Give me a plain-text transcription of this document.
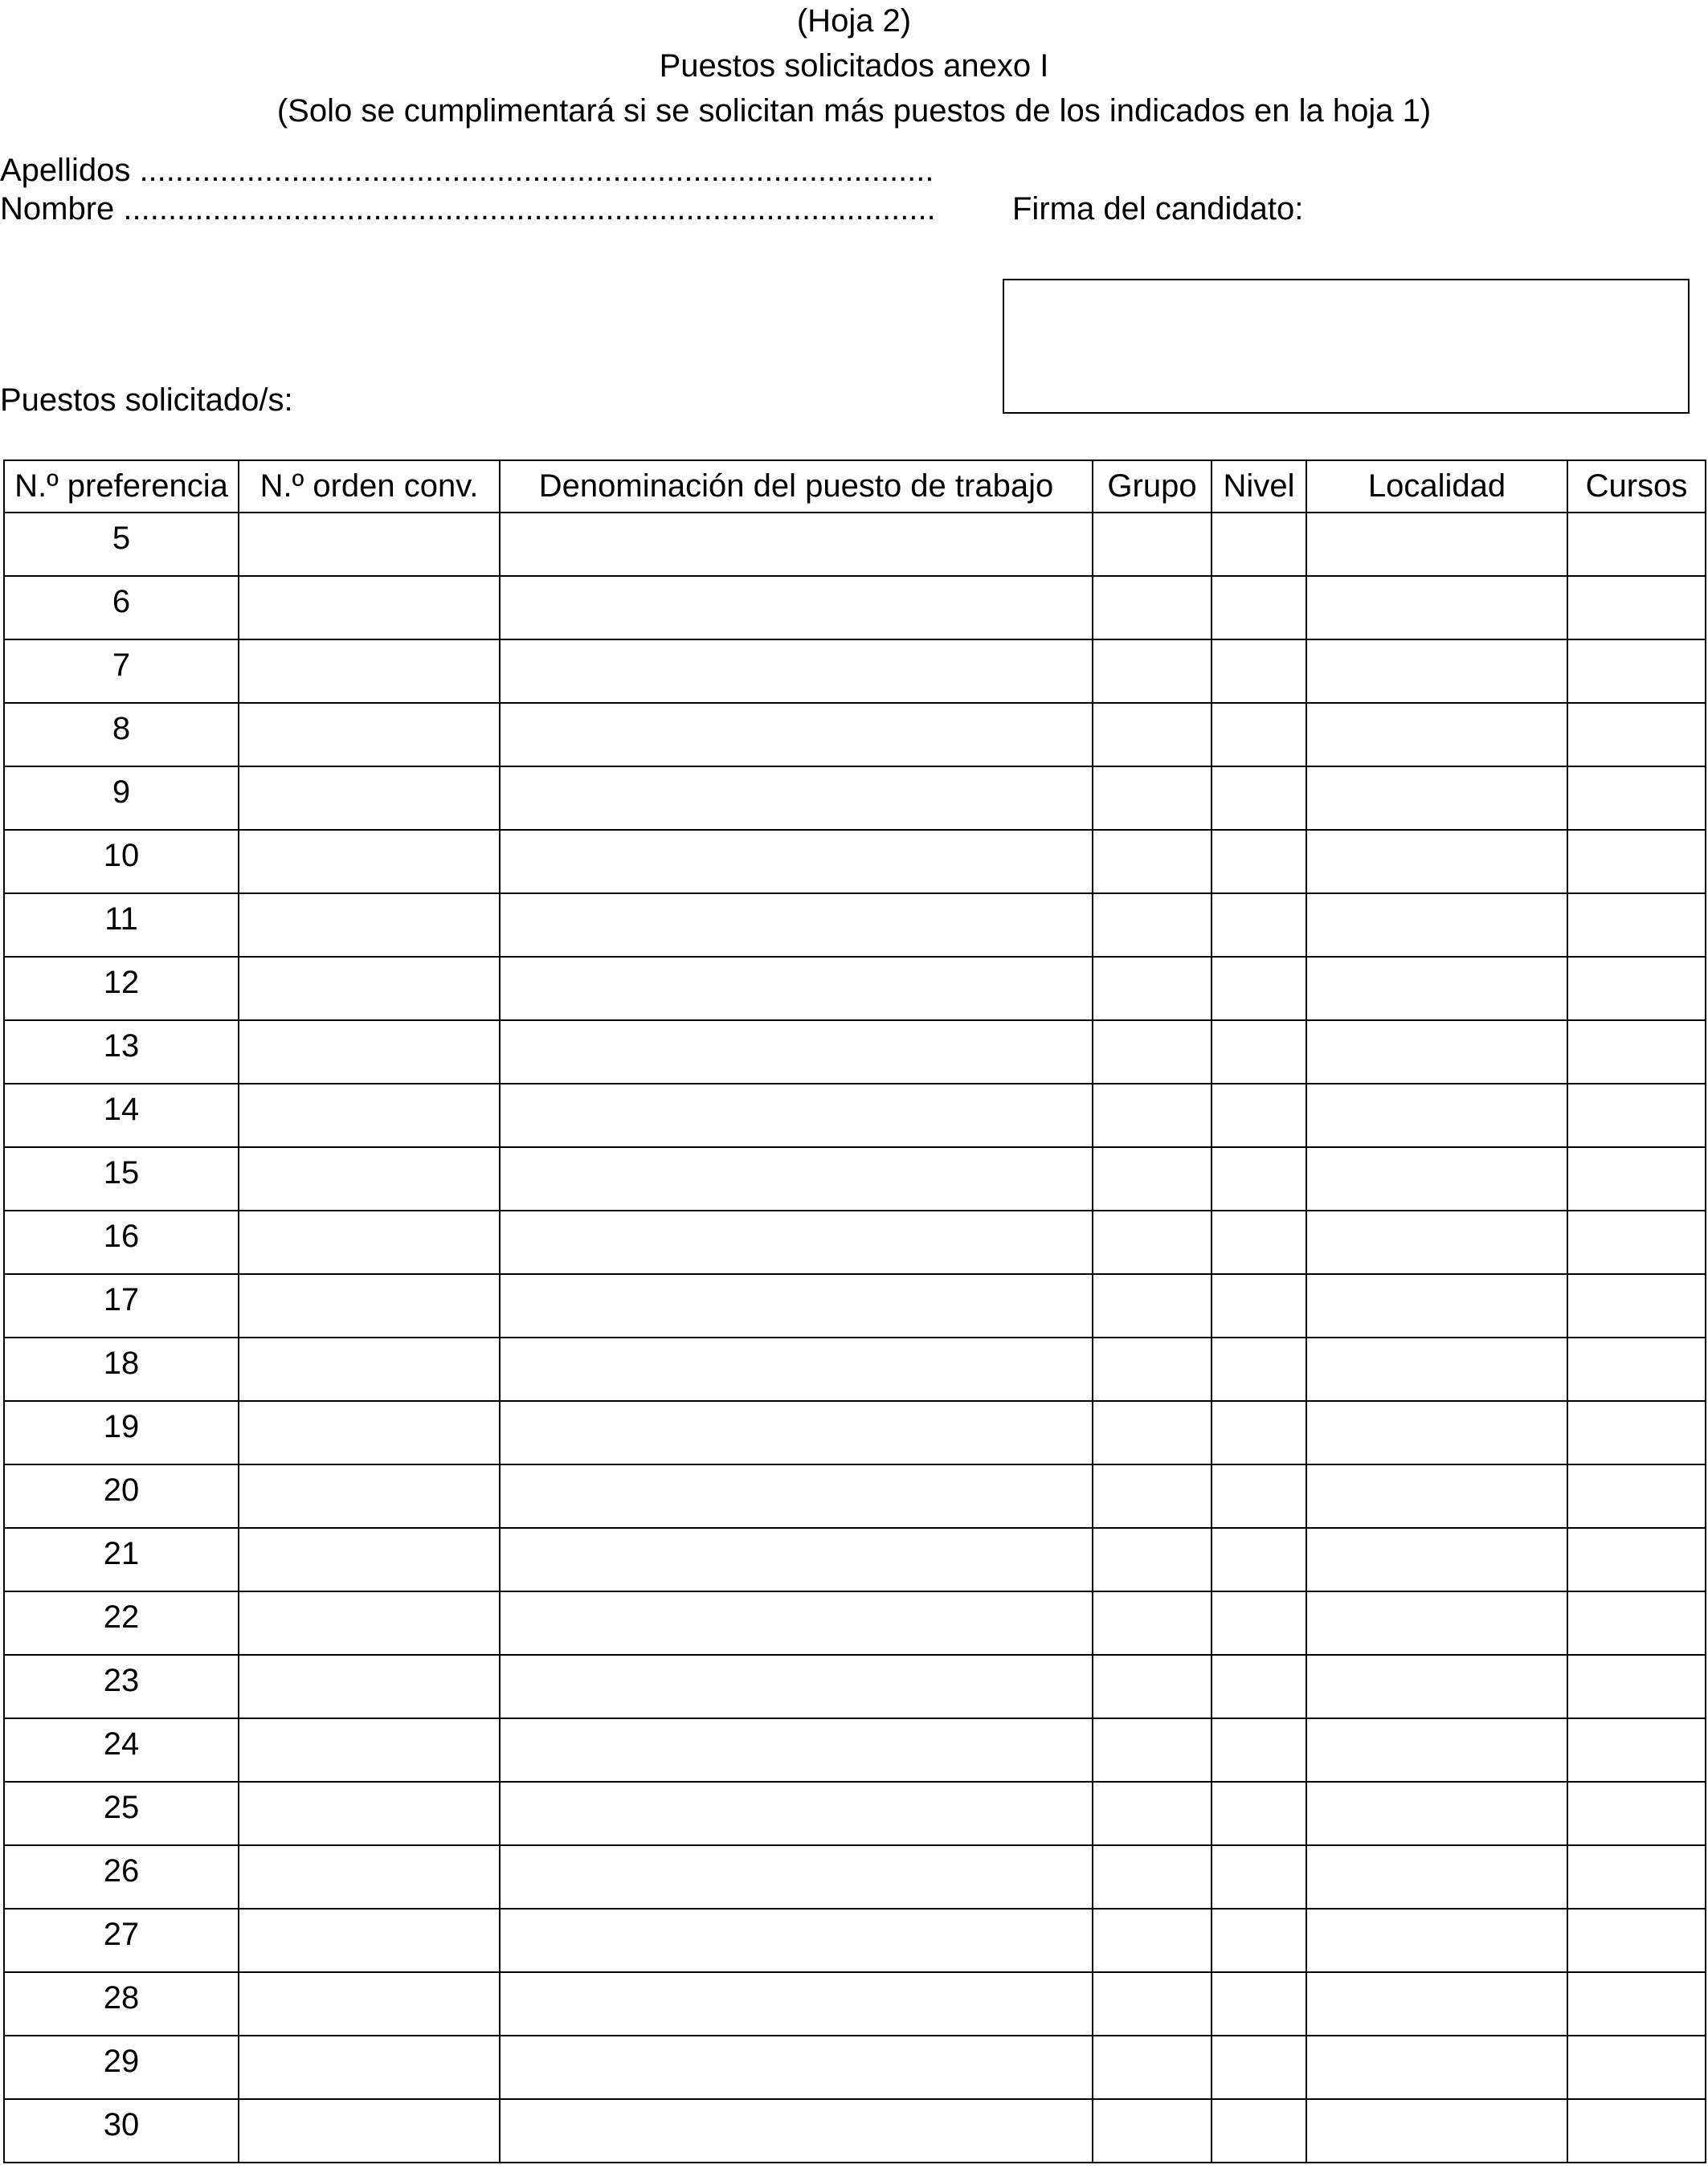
(Hoja 2)
Puestos solicitados anexo I
(Solo se cumplimentará si se solicitan más puestos de los indicados en la hoja 1)
Apellidos .........................................................................................
Nombre ........................................................................................... Firma del candidato:
Puestos solicitado/s:
N.º preferencia	N.º orden conv.	Denominación del puesto de trabajo	Grupo	Nivel	Localidad	Cursos
5						
6						
7						
8						
9						
10						
11						
12						
13						
14						
15						
16						
17						
18						
19						
20						
21						
22						
23						
24						
25						
26						
27						
28						
29						
30						
